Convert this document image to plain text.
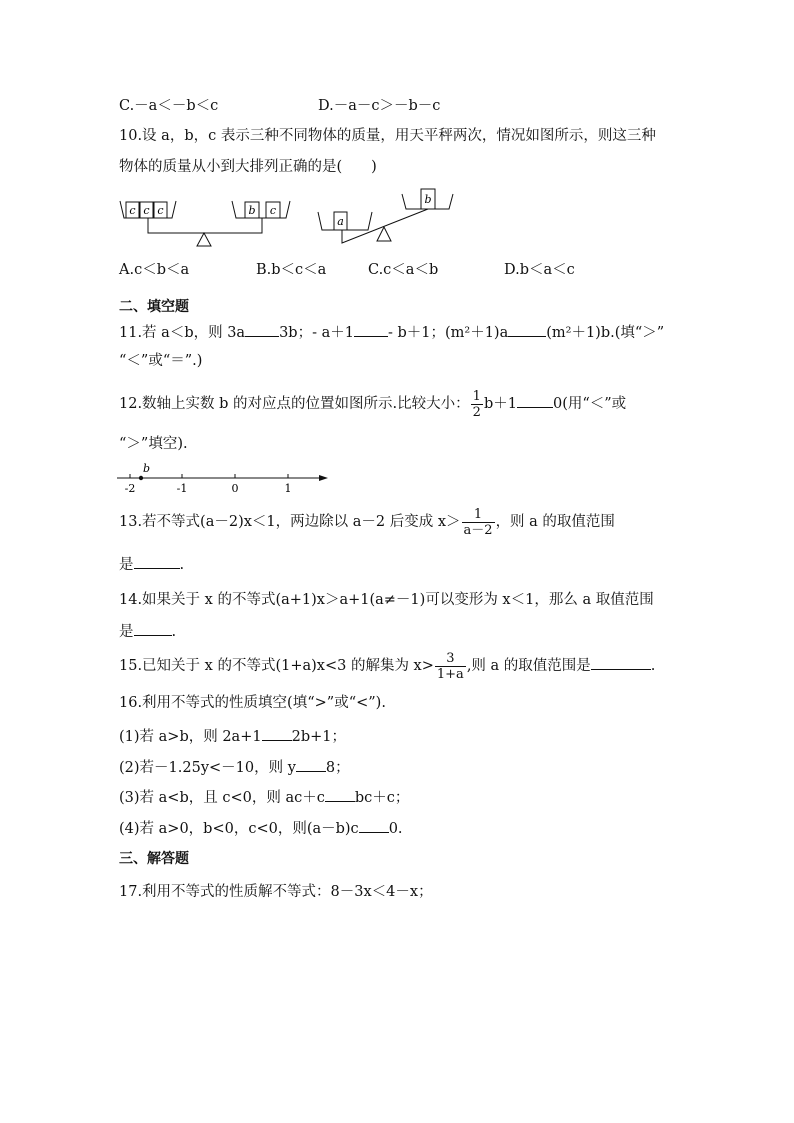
C.－a＜－b＜c	D.－a－c＞－b－c
10.设 a，b，c 表示三种不同物体的质量，用天平秤两次，情况如图所示，则这三种
物体的质量从小到大排列正确的是(　　)
c c c	b c
a
b
A.c＜b＜a	B.b＜c＜a	C.c＜a＜b	D.b＜a＜c
二、填空题
11.若 a＜b，则 3a 3b；- a＋1 - b＋1；(m²＋1)a	(m²＋1)b.(填“＞”
“＜”或“＝”.)
12.数轴上实数 b 的对应点的位置如图所示.比较大小： $\frac{1}{2} b+1$ 0(用“＜”或
“＞”填空).
b
-2	-1	0	1
13.若不等式(a－2)x＜1，两边除以 a－2 后变成 $x> \frac{1}{a-2}$ ，则 a 的取值范围
是	.
14.如果关于 x 的不等式(a+1)x＞a+1(a≠－1)可以变形为 x＜1，那么 a 取值范围
是	.
15.已知关于 x 的不等式(1+a)x<3 的解集为 $x> \frac{3}{1+a}$ ,则 a 的取值范围是	.
16.利用不等式的性质填空(填“>”或“<”).
(1)若 a>b，则 2a+1 2b+1；
(2)若－1.25y<－10，则 y 8；
(3)若 a<b，且 c<0，则 ac＋c bc＋c；
(4)若 a>0，b<0，c<0，则(a－b)c 0.
三、解答题
17.利用不等式的性质解不等式：8－3x＜4－x；
